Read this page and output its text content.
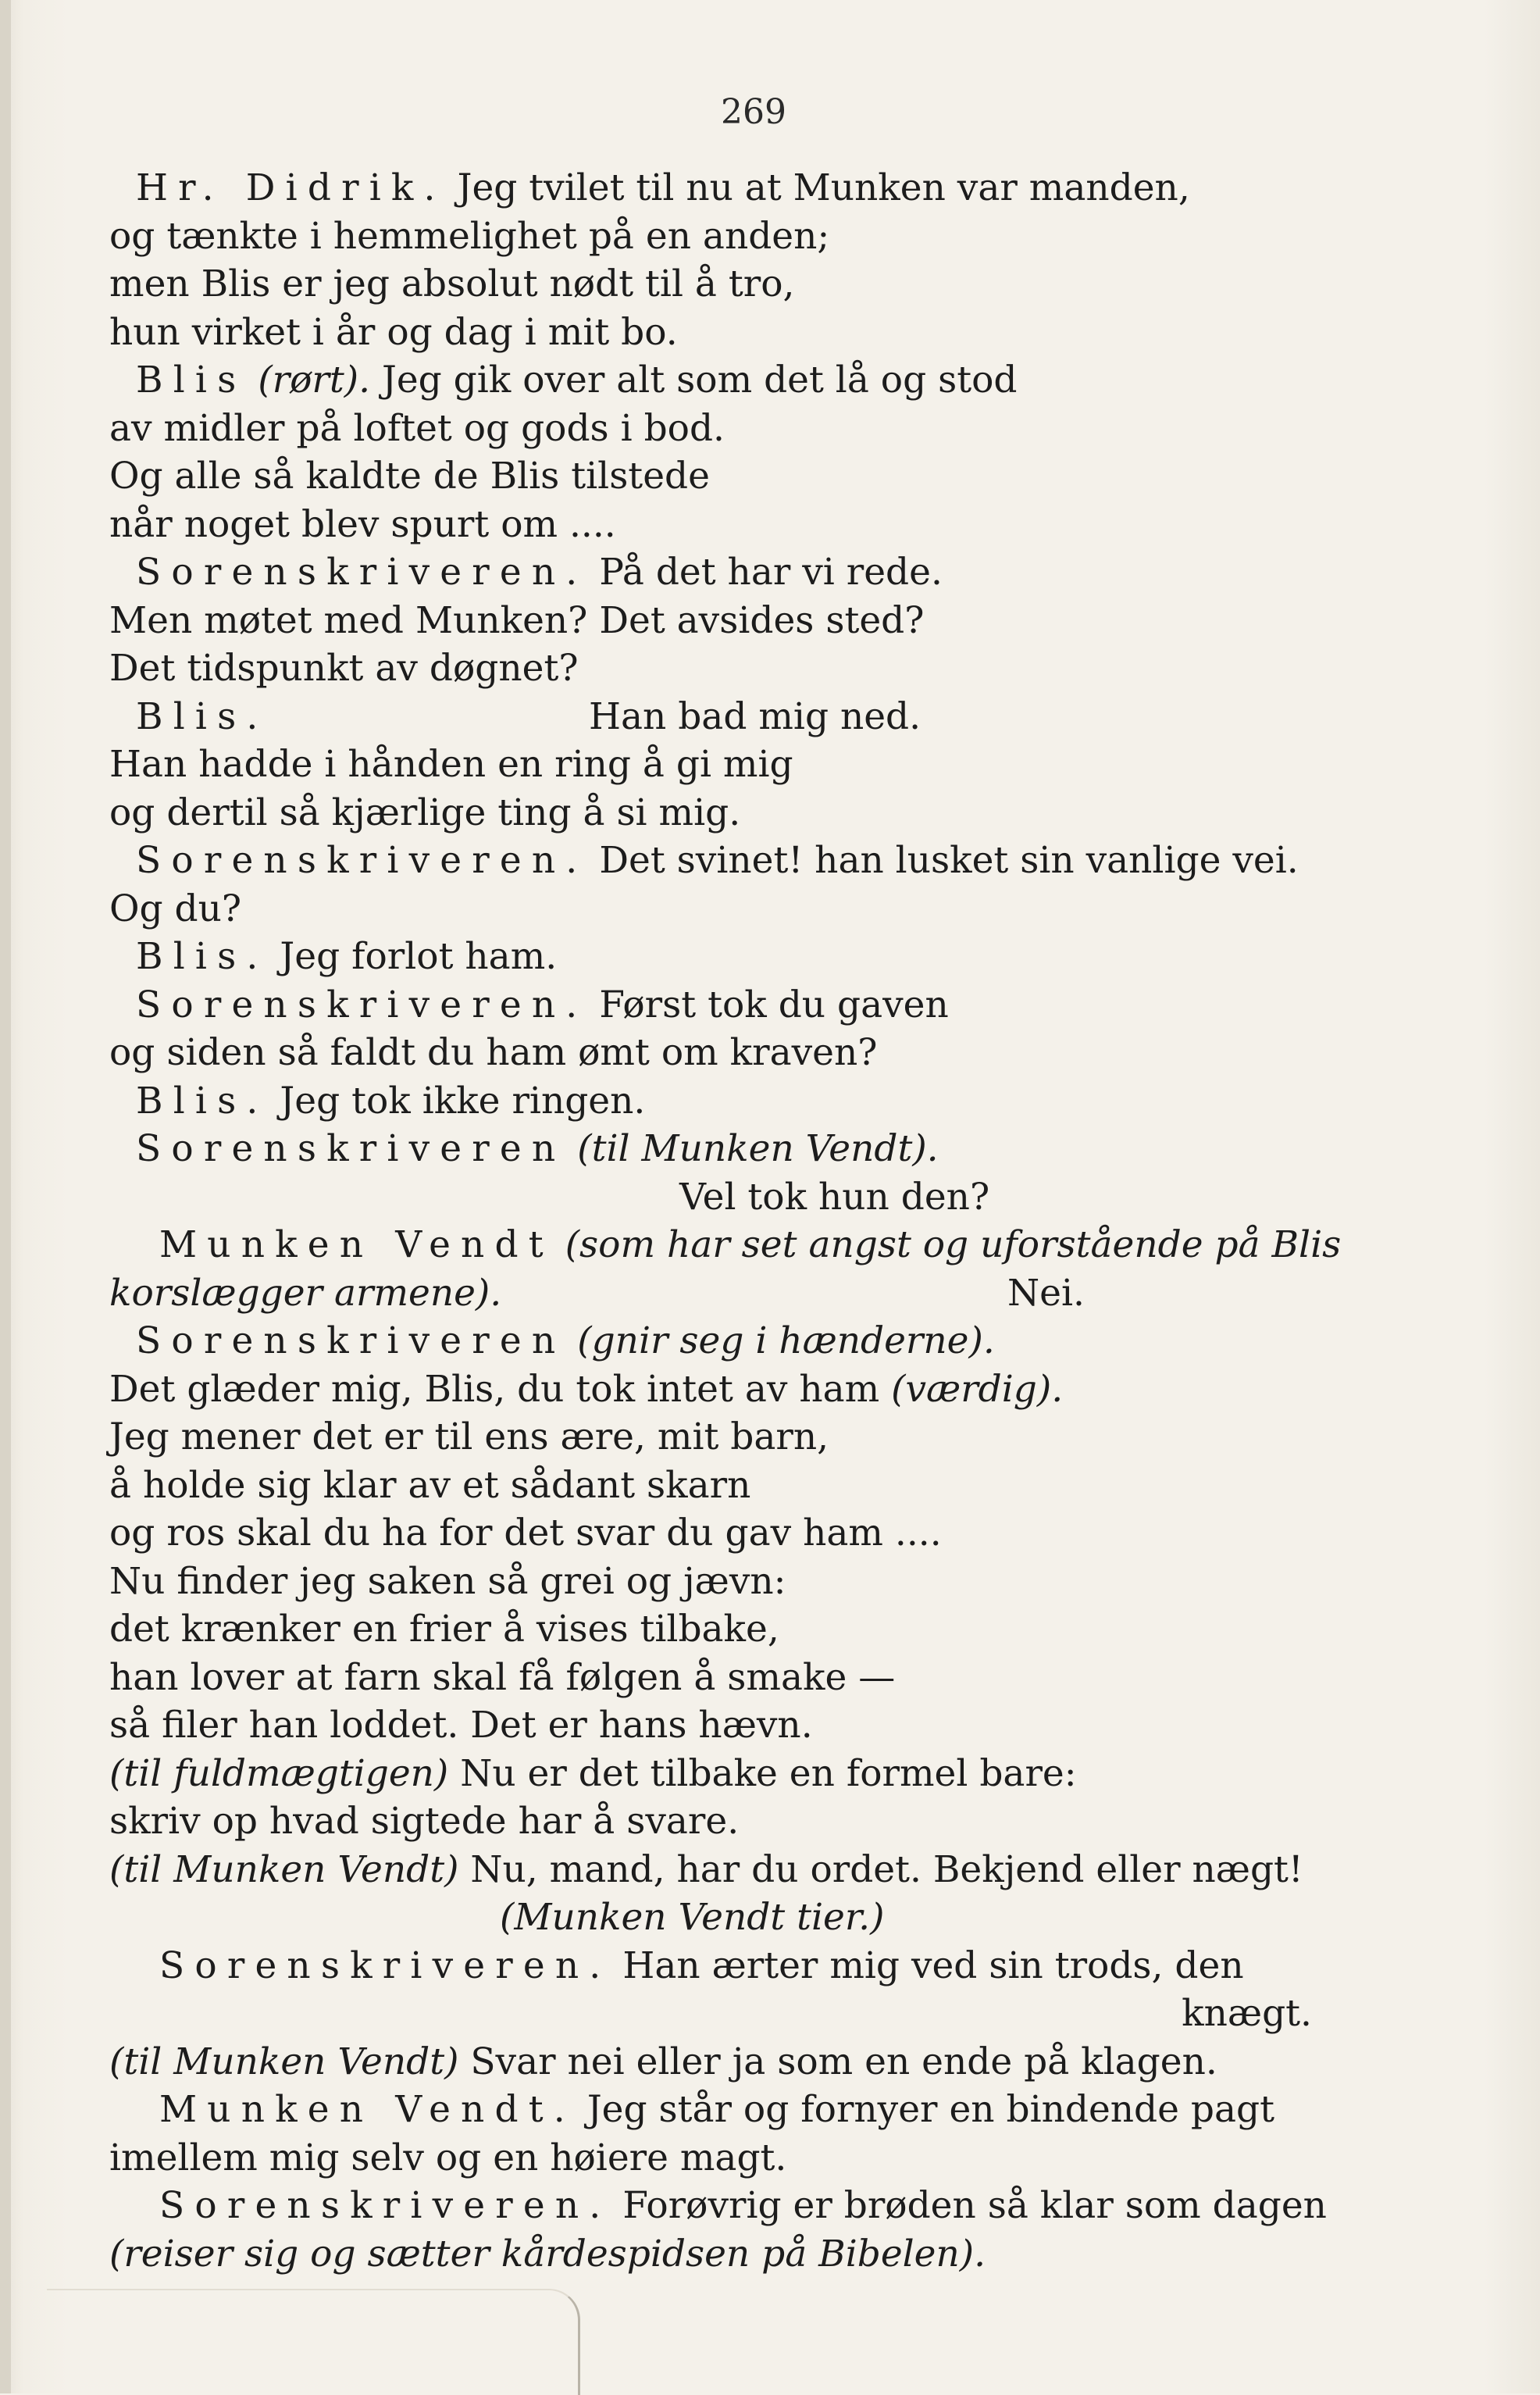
269
Hr. Didrik. Jeg tvilet til nu at Munken var manden,
og tænkte i hemmelighet på en anden;
men Blis er jeg absolut nødt til å tro,
hun virket i år og dag i mit bo.
Blis (rørt). Jeg gik over alt som det lå og stod
av midler på loftet og gods i bod.
Og alle så kaldte de Blis tilstede
når noget blev spurt om ....
Sorenskriveren. På det har vi rede.
Men møtet med Munken? Det avsides sted?
Det tidspunkt av døgnet?
Blis.	Han bad mig ned.
Han hadde i hånden en ring å gi mig
og dertil så kjærlige ting å si mig.
Sorenskriveren. Det svinet! han lusket sin vanlige vei.
Og du?
Blis. Jeg forlot ham.
Sorenskriveren. Først tok du gaven
og siden så faldt du ham ømt om kraven?
Blis. Jeg tok ikke ringen.
Sorenskriveren (til Munken Vendt).
Vel tok hun den?
Munken Vendt (som har set angst og uforstående på Blis
korslægger armene).	Nei.
Sorenskriveren (gnir seg i hænderne).
Det glæder mig, Blis, du tok intet av ham (værdig).
Jeg mener det er til ens ære, mit barn,
å holde sig klar av et sådant skarn
og ros skal du ha for det svar du gav ham ....
Nu finder jeg saken så grei og jævn:
det krænker en frier å vises tilbake,
han lover at farn skal få følgen å smake —
så filer han loddet. Det er hans hævn.
(til fuldmægtigen) Nu er det tilbake en formel bare:
skriv op hvad sigtede har å svare.
(til Munken Vendt) Nu, mand, har du ordet. Bekjend eller nægt!
(Munken Vendt tier.)
Sorenskriveren. Han ærter mig ved sin trods, den
knægt.
(til Munken Vendt) Svar nei eller ja som en ende på klagen.
Munken Vendt. Jeg står og fornyer en bindende pagt
imellem mig selv og en høiere magt.
Sorenskriveren. Forøvrig er brøden så klar som dagen
(reiser sig og sætter kårdespidsen på Bibelen).
